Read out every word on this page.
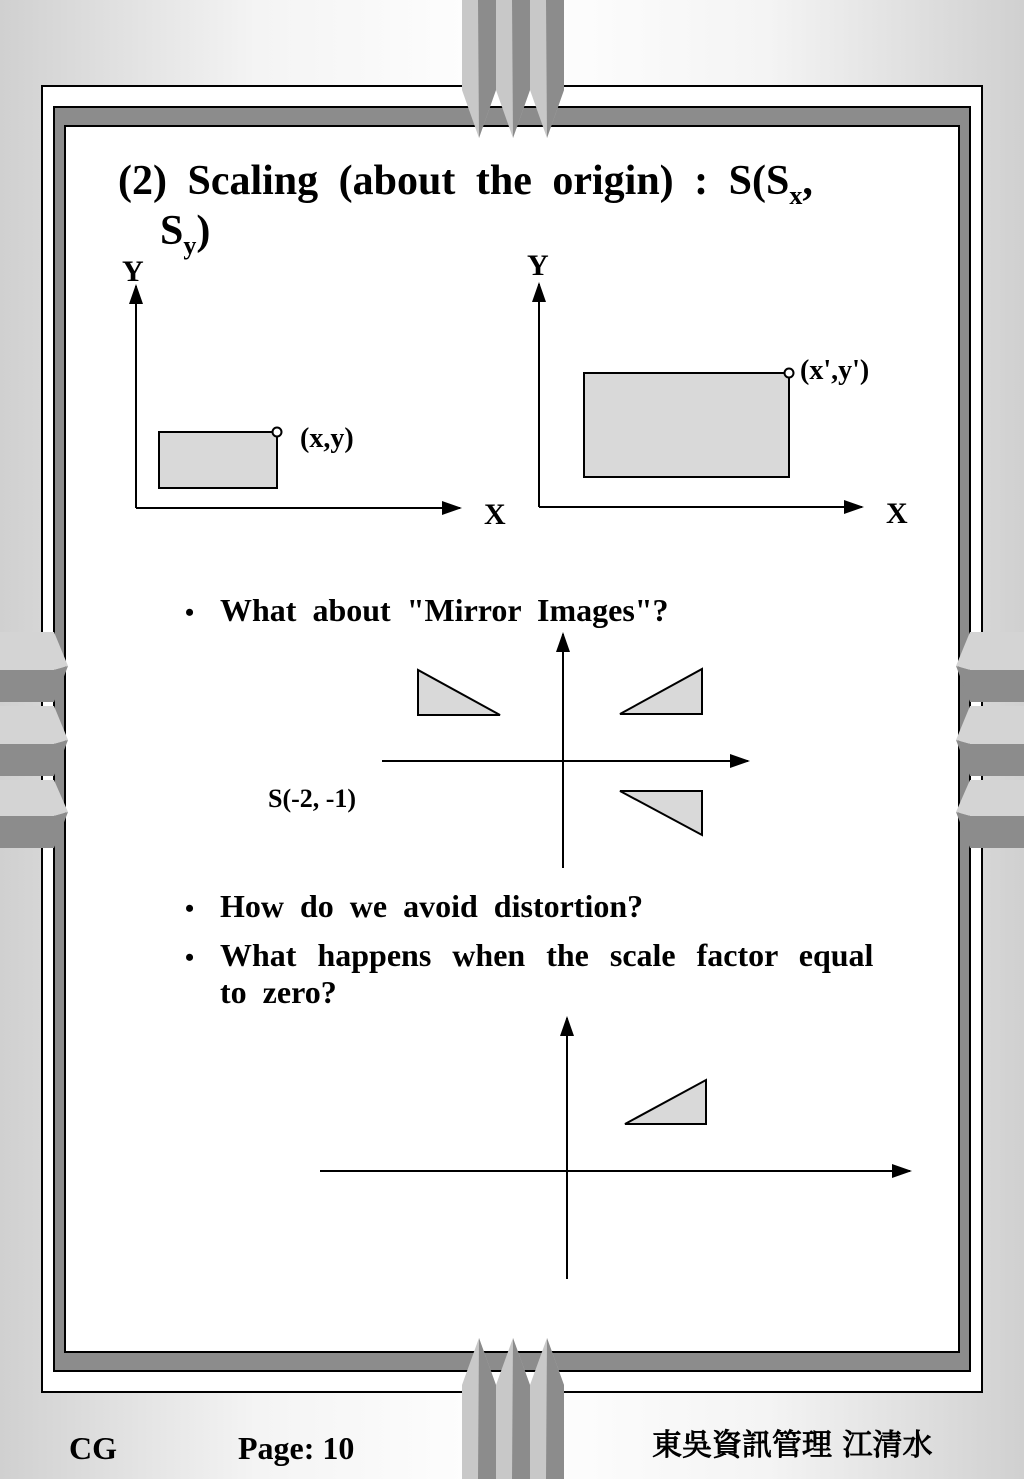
(2) Scaling (about the origin) : $S(S_x$,
$S_y$)
Y
X
(x,y)
Y
X
(x',y')
• What about "Mirror Images"?
S(-2, -1)
• How do we avoid distortion?
• What happens when the scale factor equal
to zero?
CG	Page: 10	東吳資訊管理 江清水
